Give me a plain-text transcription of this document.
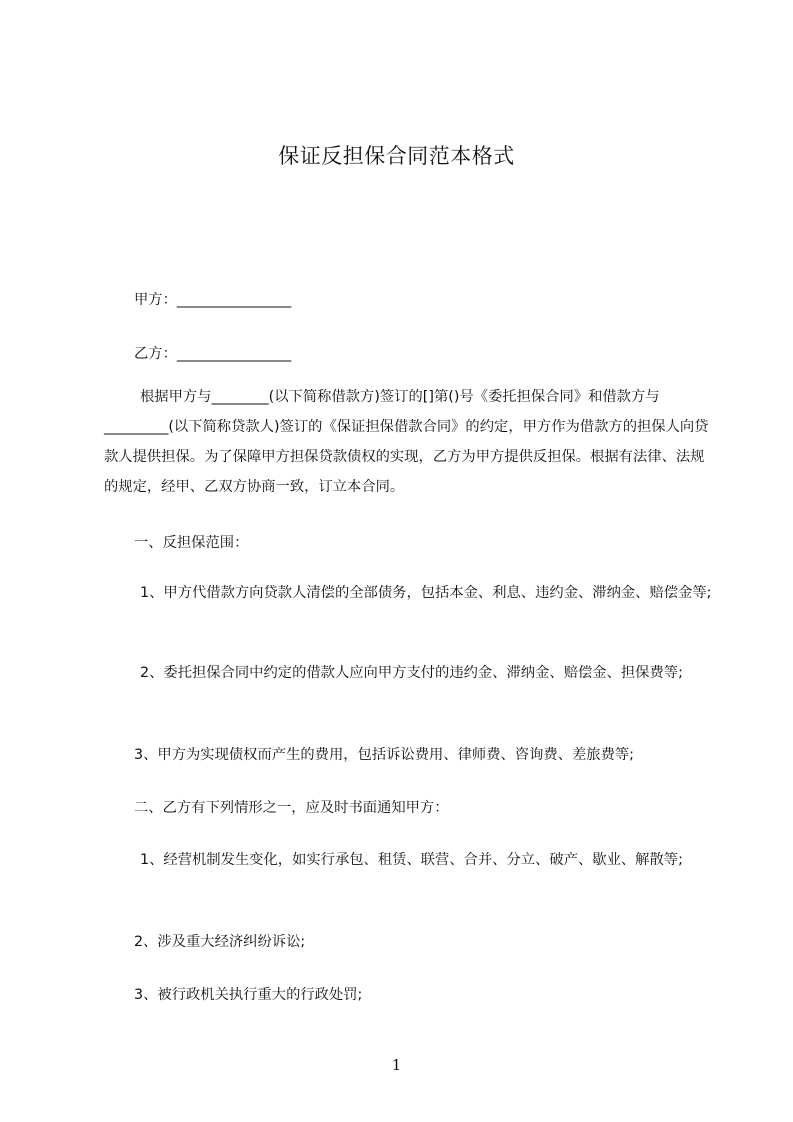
保证反担保合同范本格式
甲方：________________
乙方：________________

根据甲方与________(以下简称借款方)签订的[]第()号《委托担保合同》和借款方与_________(以下简称贷款人)签订的《保证担保借款合同》的约定，甲方作为借款方的担保人向贷款人提供担保。为了保障甲方担保贷款债权的实现，乙方为甲方提供反担保。根据有法律、法规的规定，经甲、乙双方协商一致，订立本合同。

一、反担保范围：

1、甲方代借款方向贷款人清偿的全部债务，包括本金、利息、违约金、滞纳金、赔偿金等;

2、委托担保合同中约定的借款人应向甲方支付的违约金、滞纳金、赔偿金、担保费等;

3、甲方为实现债权而产生的费用，包括诉讼费用、律师费、咨询费、差旅费等;
二、乙方有下列情形之一，应及时书面通知甲方：

1、经营机制发生变化，如实行承包、租赁、联营、合并、分立、破产、歇业、解散等;

2、涉及重大经济纠纷诉讼;
3、被行政机关执行重大的行政处罚;
1
